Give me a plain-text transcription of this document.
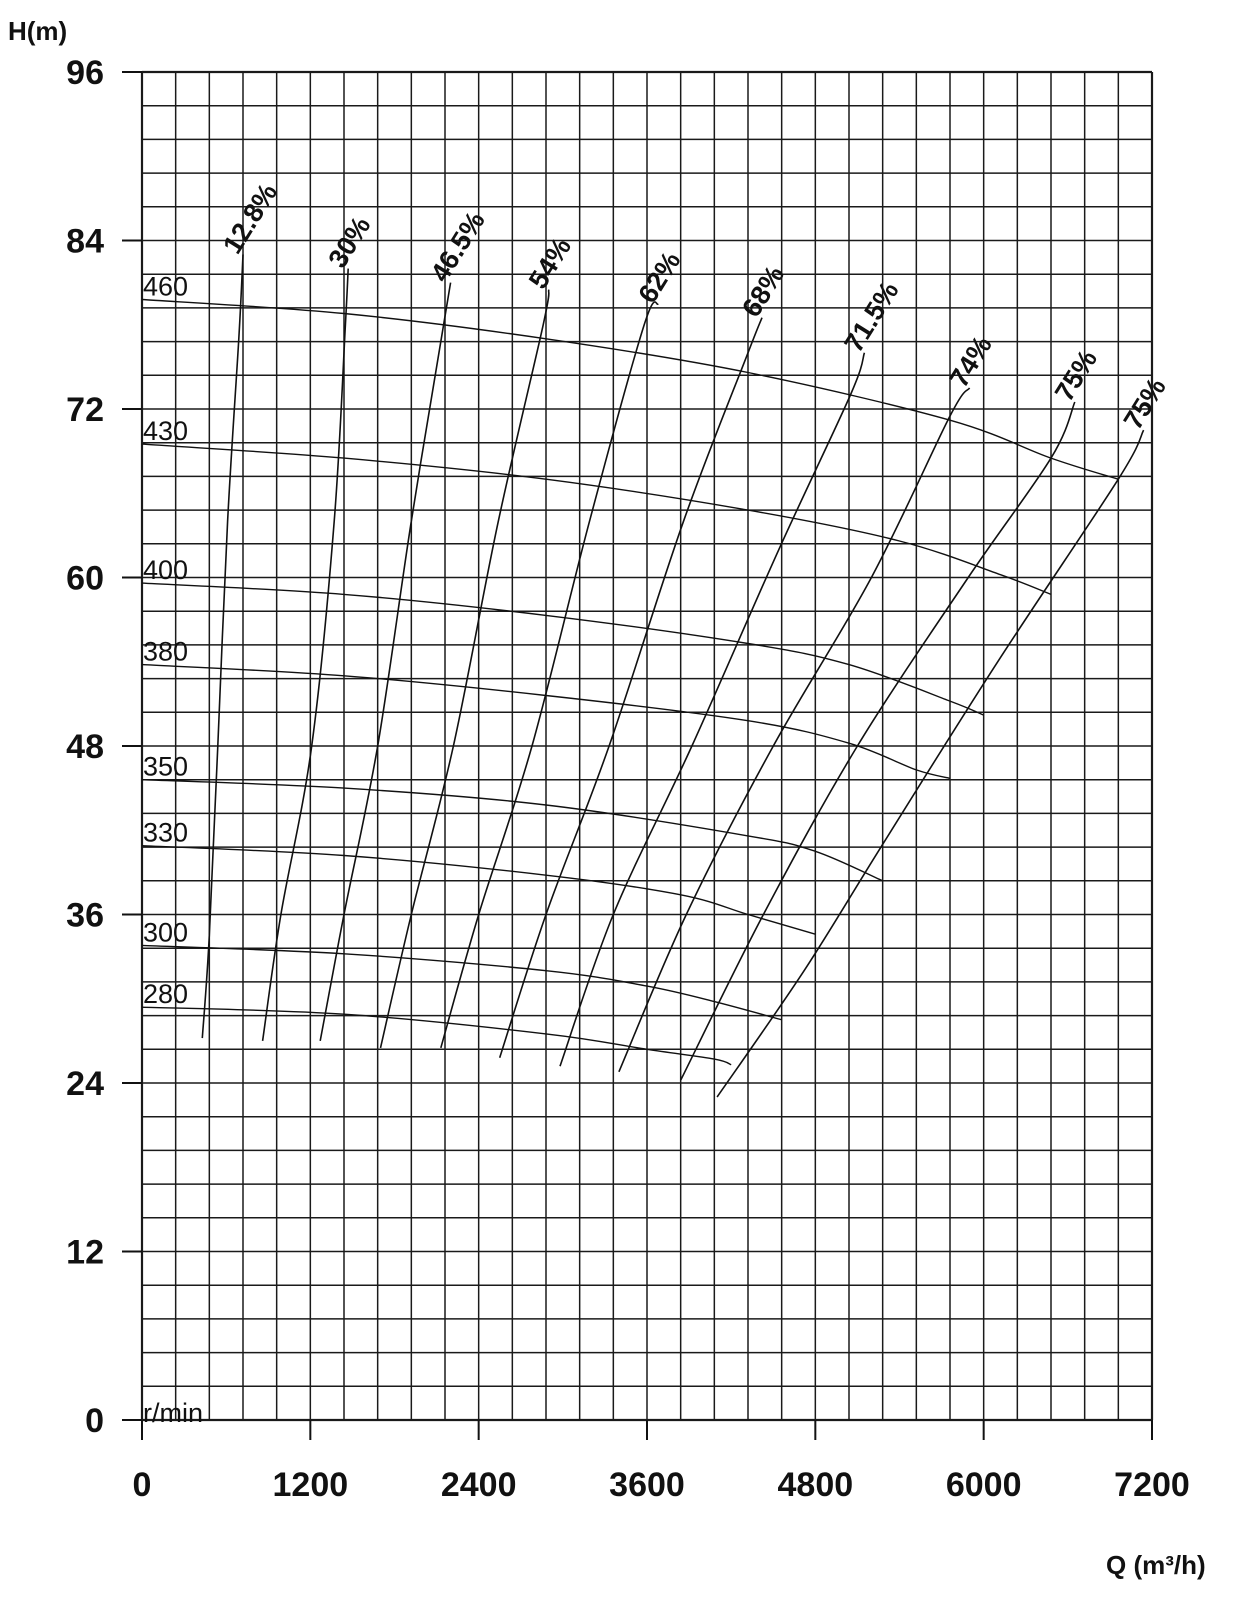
0
12
24
36
48
60
72
84
96
0	1200	2400	3600	4800	6000	7200
460
430
400
380
350
330
300
280
12.8% 30% 46.5% 54% 62% 68% 71.5%
74% 75% 75%
H(m)
Q (m³/h)
r/min
